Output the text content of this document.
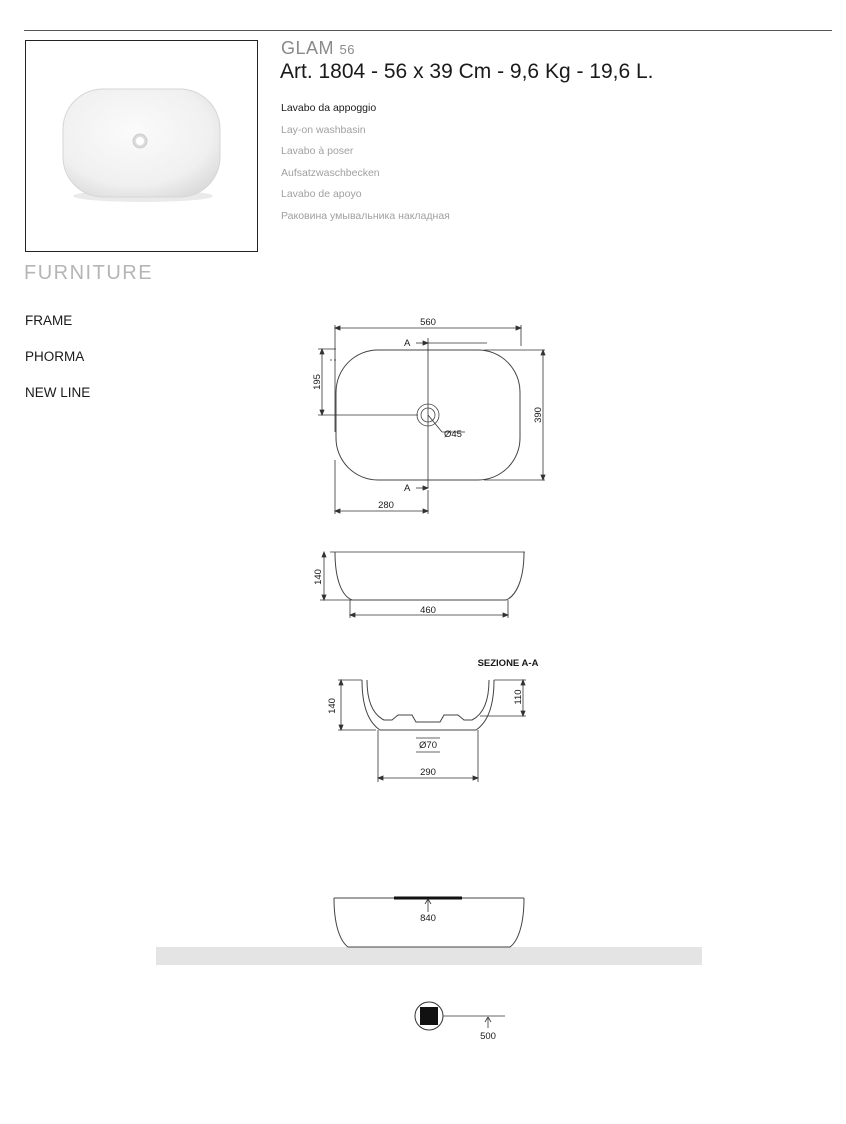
GLAM 56
Art. 1804 - 56 x 39 Cm - 9,6 Kg - 19,6 L.
Lavabo da appoggio
Lay-on washbasin
Lavabo à poser
Aufsatzwaschbecken
Lavabo de apoyo
Раковина умывальника накладная
FURNITURE
FRAME
PHORMA
NEW LINE
560
A
A
280
Ø45
195
390
140
460
SEZIONE A-A
140
110
Ø70
290
840
500
